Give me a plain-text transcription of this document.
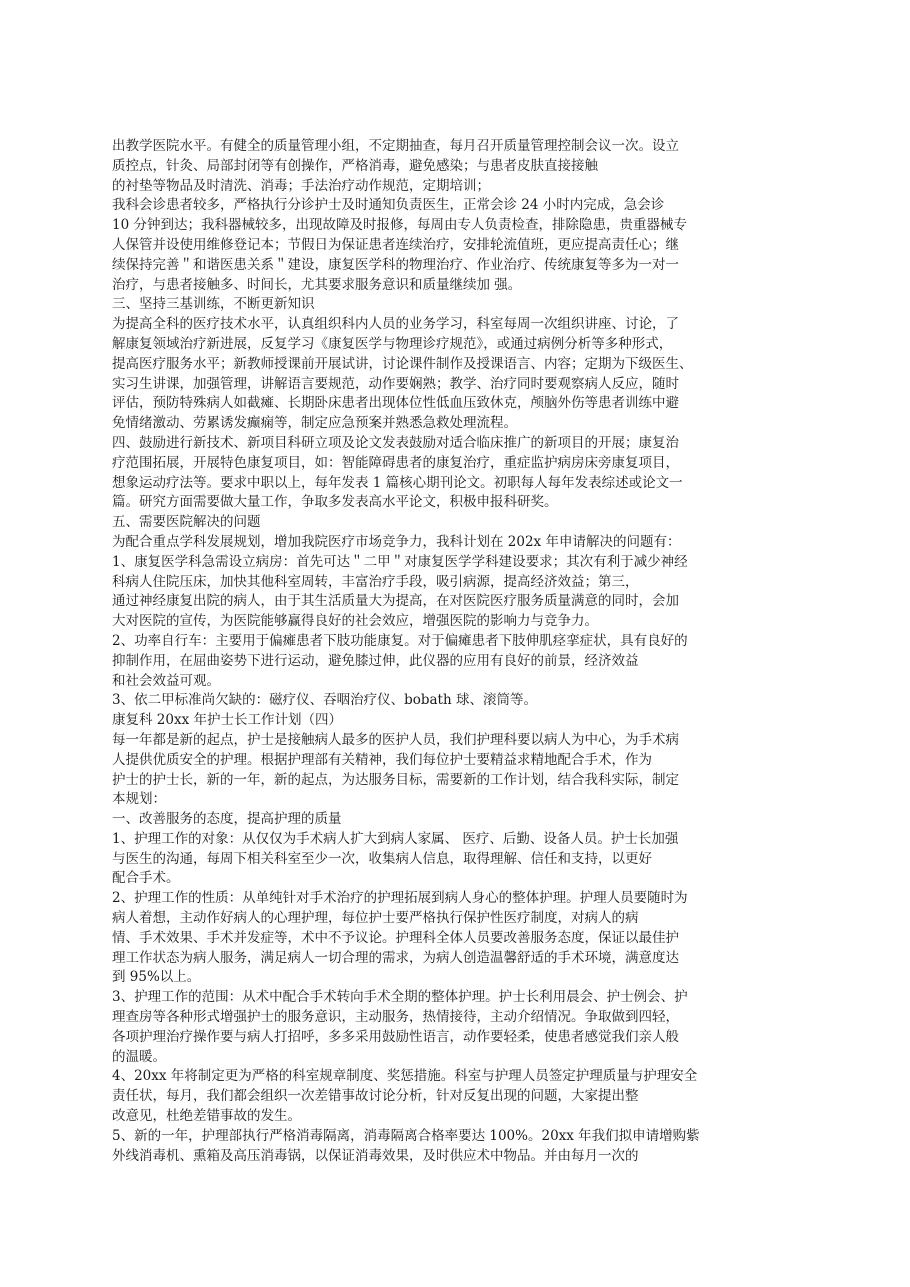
出教学医院水平。有健全的质量管理小组，不定期抽查，每月召开质量管理控制会议一次。设立
质控点，针灸、局部封闭等有创操作，严格消毒，避免感染；与患者皮肤直接接触
的衬垫等物品及时清洗、消毒；手法治疗动作规范，定期培训；
我科会诊患者较多，严格执行分诊护士及时通知负责医生，正常会诊 24 小时内完成，急会诊
10 分钟到达；我科器械较多，出现故障及时报修，每周由专人负责检查，排除隐患，贵重器械专
人保管并设使用维修登记本；节假日为保证患者连续治疗，安排轮流值班，更应提高责任心；继
续保持完善＂和谐医患关系＂建设，康复医学科的物理治疗、作业治疗、传统康复等多为一对一
治疗，与患者接触多、时间长，尤其要求服务意识和质量继续加 强。
三、坚持三基训练，不断更新知识
为提高全科的医疗技术水平，认真组织科内人员的业务学习，科室每周一次组织讲座、讨论，了
解康复领域治疗新进展，反复学习《康复医学与物理诊疗规范》，或通过病例分析等多种形式，
提高医疗服务水平；新教师授课前开展试讲，讨论课件制作及授课语言、内容；定期为下级医生、
实习生讲课，加强管理，讲解语言要规范，动作要娴熟；教学、治疗同时要观察病人反应，随时
评估，预防特殊病人如截瘫、长期卧床患者出现体位性低血压致休克，颅脑外伤等患者训练中避
免情绪激动、劳累诱发癫痫等，制定应急预案并熟悉急救处理流程。
四、鼓励进行新技术、新项目科研立项及论文发表鼓励对适合临床推广的新项目的开展；康复治
疗范围拓展，开展特色康复项目，如：智能障碍患者的康复治疗，重症监护病房床旁康复项目，
想象运动疗法等。要求中职以上，每年发表 1 篇核心期刊论文。初职每人每年发表综述或论文一
篇。研究方面需要做大量工作，争取多发表高水平论文，积极申报科研奖。
五、需要医院解决的问题
为配合重点学科发展规划，增加我院医疗市场竞争力，我科计划在 202x 年申请解决的问题有：
1、康复医学科急需设立病房：首先可达＂二甲＂对康复医学学科建设要求；其次有利于减少神经
科病人住院压床，加快其他科室周转，丰富治疗手段，吸引病源，提高经济效益；第三，
通过神经康复出院的病人，由于其生活质量大为提高，在对医院医疗服务质量满意的同时，会加
大对医院的宣传，为医院能够赢得良好的社会效应，增强医院的影响力与竞争力。
2、功率自行车：主要用于偏瘫患者下肢功能康复。对于偏瘫患者下肢伸肌痉挛症状，具有良好的
抑制作用，在屈曲姿势下进行运动，避免膝过伸，此仪器的应用有良好的前景，经济效益
和社会效益可观。
3、依二甲标准尚欠缺的：磁疗仪、吞咽治疗仪、bobath 球、滚筒等。
康复科 20xx 年护士长工作计划（四）
每一年都是新的起点，护士是接触病人最多的医护人员，我们护理科要以病人为中心，为手术病
人提供优质安全的护理。根据护理部有关精神，我们每位护士要精益求精地配合手术，作为
护士的护士长，新的一年，新的起点，为达服务目标，需要新的工作计划，结合我科实际，制定
本规划：
一、改善服务的态度，提高护理的质量
1、护理工作的对象：从仅仅为手术病人扩大到病人家属、 医疗、后勤、设备人员。护士长加强
与医生的沟通，每周下相关科室至少一次，收集病人信息，取得理解、信任和支持，以更好
配合手术。
2、护理工作的性质：从单纯针对手术治疗的护理拓展到病人身心的整体护理。护理人员要随时为
病人着想，主动作好病人的心理护理，每位护士要严格执行保护性医疗制度，对病人的病
情、手术效果、手术并发症等，术中不予议论。护理科全体人员要改善服务态度，保证以最佳护
理工作状态为病人服务，满足病人一切合理的需求，为病人创造温馨舒适的手术环境，满意度达
到 95%以上。
3、护理工作的范围：从术中配合手术转向手术全期的整体护理。护士长利用晨会、护士例会、护
理查房等各种形式增强护士的服务意识，主动服务，热情接待，主动介绍情况。争取做到四轻，
各项护理治疗操作要与病人打招呼，多多采用鼓励性语言，动作要轻柔，使患者感觉我们亲人般
的温暖。
4、20xx 年将制定更为严格的科室规章制度、奖惩措施。科室与护理人员签定护理质量与护理安全
责任状，每月，我们都会组织一次差错事故讨论分析，针对反复出现的问题，大家提出整
改意见，杜绝差错事故的发生。
5、新的一年，护理部执行严格消毒隔离，消毒隔离合格率要达 100%。20xx 年我们拟申请增购紫
外线消毒机、熏箱及高压消毒锅，以保证消毒效果，及时供应术中物品。并由每月一次的
